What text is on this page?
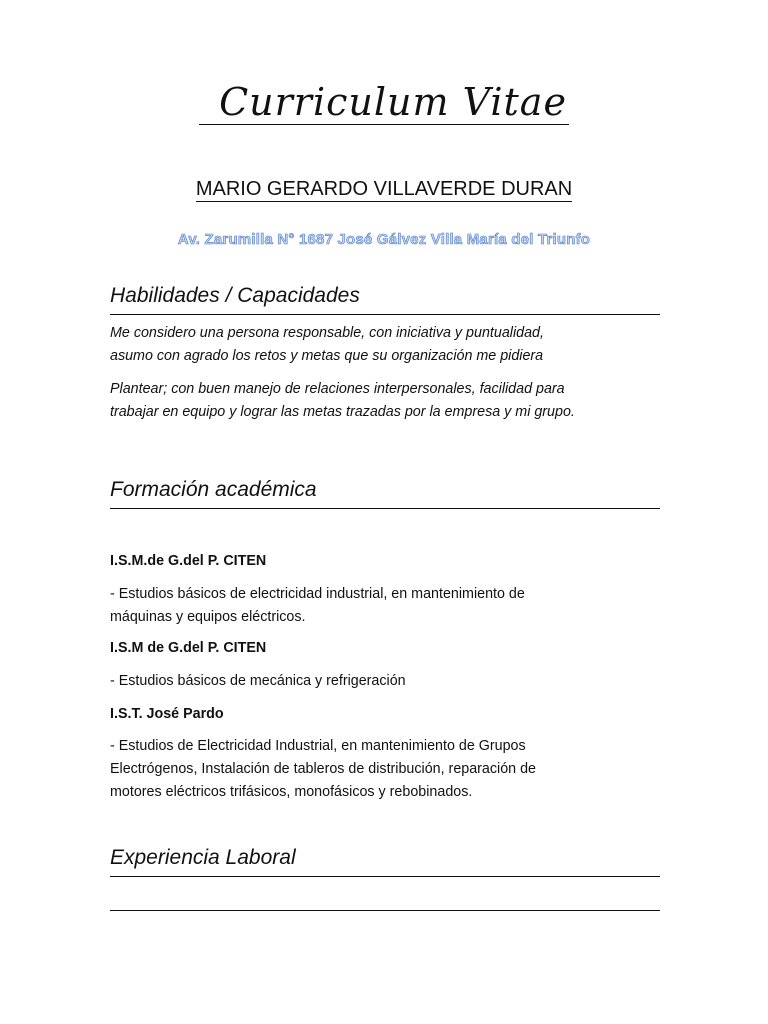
Curriculum Vitae
MARIO GERARDO VILLAVERDE DURAN
Av. Zarumilla N° 1687 José Gálvez Villa María del Triunfo
Habilidades / Capacidades
Me considero una persona responsable, con iniciativa y puntualidad,
asumo con agrado los retos y metas que su organización me pidiera
Plantear; con buen manejo de relaciones interpersonales, facilidad para
trabajar en equipo y lograr las metas trazadas por la empresa y mi grupo.
Formación académica
I.S.M.de G.del P. CITEN
- Estudios básicos de electricidad industrial, en mantenimiento de
máquinas y equipos eléctricos.
I.S.M de G.del P. CITEN
- Estudios básicos de mecánica y refrigeración
I.S.T. José Pardo
- Estudios de Electricidad Industrial, en mantenimiento de Grupos
Electrógenos, Instalación de tableros de distribución, reparación de
motores eléctricos trifásicos, monofásicos y rebobinados.
Experiencia Laboral
